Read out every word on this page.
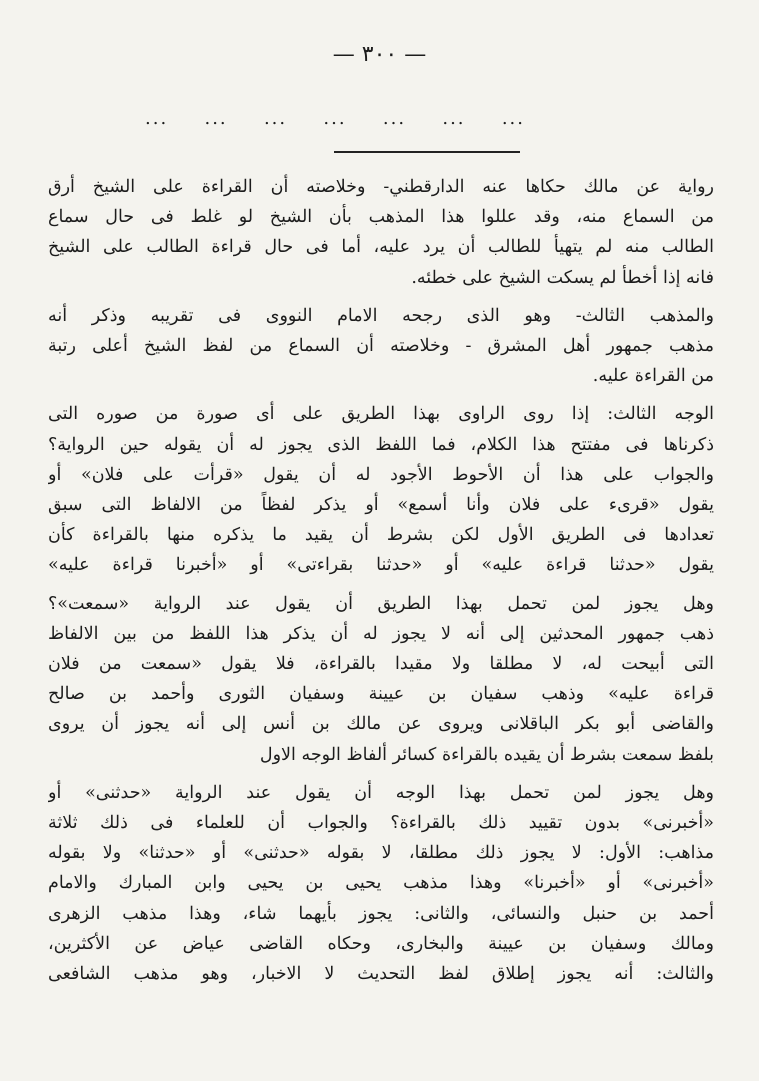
— ٣٠٠ —
... ... ... ... ... ... ...
رواية عن مالك حكاها عنه الدارقطني- وخلاصته أن القراءة على الشيخ أرق
من السماع منه، وقد عللوا هذا المذهب بأن الشيخ لو غلط فى حال سماع
الطالب منه لم يتهيأ للطالب أن يرد عليه، أما فى حال قراءة الطالب على الشيخ
فانه إذا أخطأ لم يسكت الشيخ على خطئه.
والمذهب الثالث- وهو الذى رجحه الامام النووى فى تقريبه وذكر أنه
مذهب جمهور أهل المشرق - وخلاصته أن السماع من لفظ الشيخ أعلى رتبة
من القراءة عليه.
الوجه الثالث: إذا روى الراوى بهذا الطريق على أى صورة من صوره التى
ذكرناها فى مفتتح هذا الكلام، فما اللفظ الذى يجوز له أن يقوله حين الرواية؟
والجواب على هذا أن الأحوط الأجود له أن يقول «قرأت على فلان» أو
يقول «قرىء على فلان وأنا أسمع» أو يذكر لفظاً من الالفاظ التى سبق
تعدادها فى الطريق الأول لكن بشرط أن يقيد ما يذكره منها بالقراءة كأن
يقول «حدثنا قراءة عليه» أو «حدثنا بقراءتى» أو «أخبرنا قراءة عليه»
وهل يجوز لمن تحمل بهذا الطريق أن يقول عند الرواية «سمعت»؟
ذهب جمهور المحدثين إلى أنه لا يجوز له أن يذكر هذا اللفظ من بين الالفاظ
التى أبيحت له، لا مطلقا ولا مقيدا بالقراءة، فلا يقول «سمعت من فلان
قراءة عليه» وذهب سفيان بن عيينة وسفيان الثورى وأحمد بن صالح
والقاضى أبو بكر الباقلانى ويروى عن مالك بن أنس إلى أنه يجوز أن يروى
بلفظ سمعت بشرط أن يقيده بالقراءة كسائر ألفاظ الوجه الاول
وهل يجوز لمن تحمل بهذا الوجه أن يقول عند الرواية «حدثنى» أو
«أخبرنى» بدون تقييد ذلك بالقراءة؟ والجواب أن للعلماء فى ذلك ثلاثة
مذاهب: الأول: لا يجوز ذلك مطلقا، لا بقوله «حدثنى» أو «حدثنا» ولا بقوله
«أخبرنى» أو «أخبرنا» وهذا مذهب يحيى بن يحيى وابن المبارك والامام
أحمد بن حنبل والنسائى، والثانى: يجوز بأيهما شاء، وهذا مذهب الزهرى
ومالك وسفيان بن عيينة والبخارى، وحكاه القاضى عياض عن الأكثرين،
والثالث: أنه يجوز إطلاق لفظ التحديث لا الاخبار، وهو مذهب الشافعى
